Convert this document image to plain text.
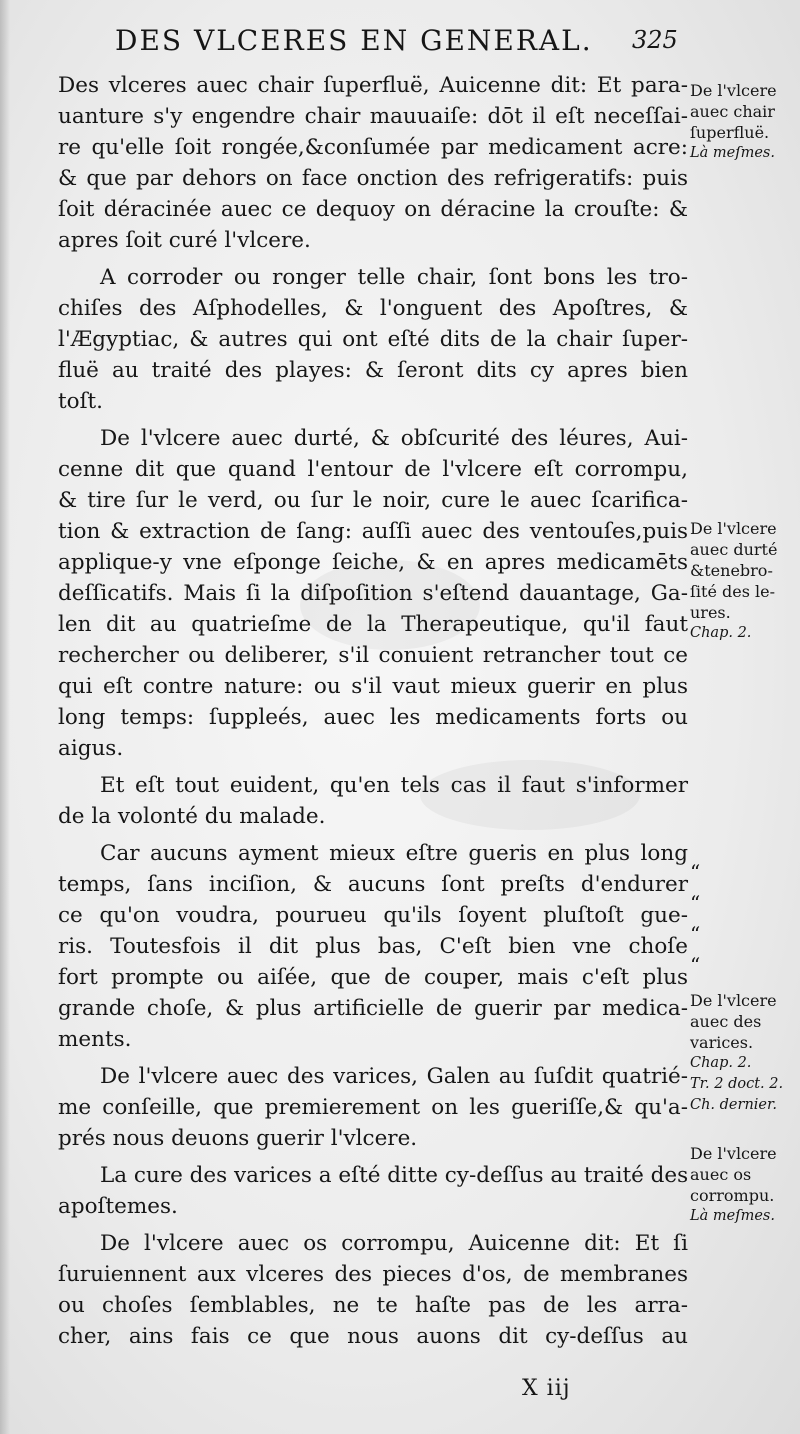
DES VLCERES EN GENERAL. 325
Des vlceres auec chair ſuperfluë, Auicenne dit: Et para-
uanture s'y engendre chair mauuaiſe: dōt il eſt neceſſai-
re qu'elle ſoit rongée,&conſumée par medicament acre:
& que par dehors on face onction des refrigeratifs: puis
ſoit déracinée auec ce dequoy on déracine la crouſte: &
apres ſoit curé l'vlcere.
A corroder ou ronger telle chair, ſont bons les tro-
chiſes des Aſphodelles, & l'onguent des Apoſtres, &
l'Ægyptiac, & autres qui ont eſté dits de la chair ſuper-
fluë au traité des playes: & ſeront dits cy apres bien
toſt.
De l'vlcere auec durté, & obſcurité des léures, Aui-
cenne dit que quand l'entour de l'vlcere eſt corrompu,
& tire ſur le verd, ou ſur le noir, cure le auec ſcarifica-
tion & extraction de ſang: auſſi auec des ventouſes,puis
applique-y vne eſponge ſeiche, & en apres medicamēts
deſſicatifs. Mais ſi la diſpoſition s'eſtend dauantage, Ga-
len dit au quatrieſme de la Therapeutique, qu'il faut
rechercher ou deliberer, s'il conuient retrancher tout ce
qui eſt contre nature: ou s'il vaut mieux guerir en plus
long temps: ſuppleés, auec les medicaments forts ou
aigus.
Et eſt tout euident, qu'en tels cas il faut s'informer
de la volonté du malade.
Car aucuns ayment mieux eſtre gueris en plus long
temps, ſans inciſion, & aucuns ſont preſts d'endurer
ce qu'on voudra, pourueu qu'ils ſoyent pluſtoſt gue-
ris. Toutesfois il dit plus bas, C'eſt bien vne choſe
fort prompte ou aiſée, que de couper, mais c'eſt plus
grande choſe, & plus artificielle de guerir par medica-
ments.
De l'vlcere auec des varices, Galen au ſuſdit quatrié-
me conſeille, que premierement on les gueriſſe,& qu'a-
prés nous deuons guerir l'vlcere.
La cure des varices a eſté ditte cy-deſſus au traité des
apoſtemes.
De l'vlcere auec os corrompu, Auicenne dit: Et ſi
ſuruiennent aux vlceres des pieces d'os, de membranes
ou choſes ſemblables, ne te haſte pas de les arra-
cher, ains fais ce que nous auons dit cy-deſſus au
De l'vlcere
auec chair
ſuperfluë.
Là meſmes.
De l'vlcere
auec durté
&tenebro-
ſité des le-
ures.
Chap. 2.
“
“
“
“
De l'vlcere
auec des
varices.
Chap. 2.
Tr. 2 doct. 2.
Ch. dernier.
De l'vlcere
auec os
corrompu.
Là meſmes.
X iij
